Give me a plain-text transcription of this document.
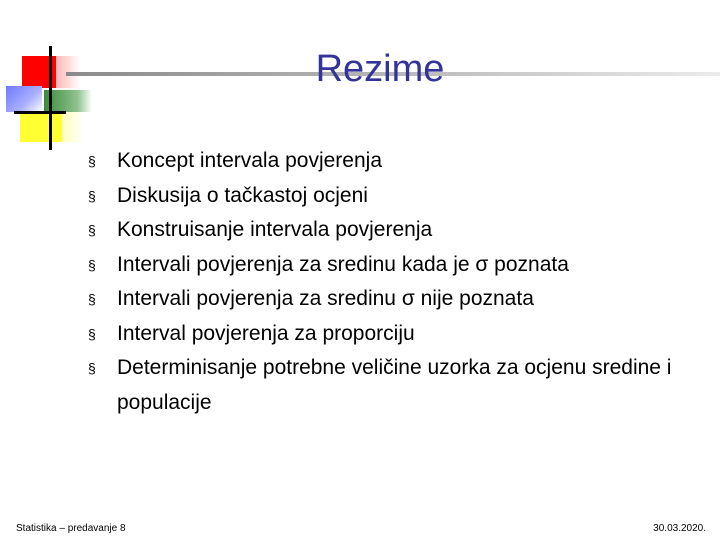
Rezime
§	Koncept intervala povjerenja
§	Diskusija o tačkastoj ocjeni
§	Konstruisanje intervala povjerenja
§	Intervali povjerenja za sredinu kada je σ poznata
§	Intervali povjerenja za sredinu σ nije poznata
§	Interval povjerenja za proporciju
§	Determinisanje potrebne veličine uzorka za ocjenu sredine i populacije
Statistika – predavanje 8	30.03.2020.
